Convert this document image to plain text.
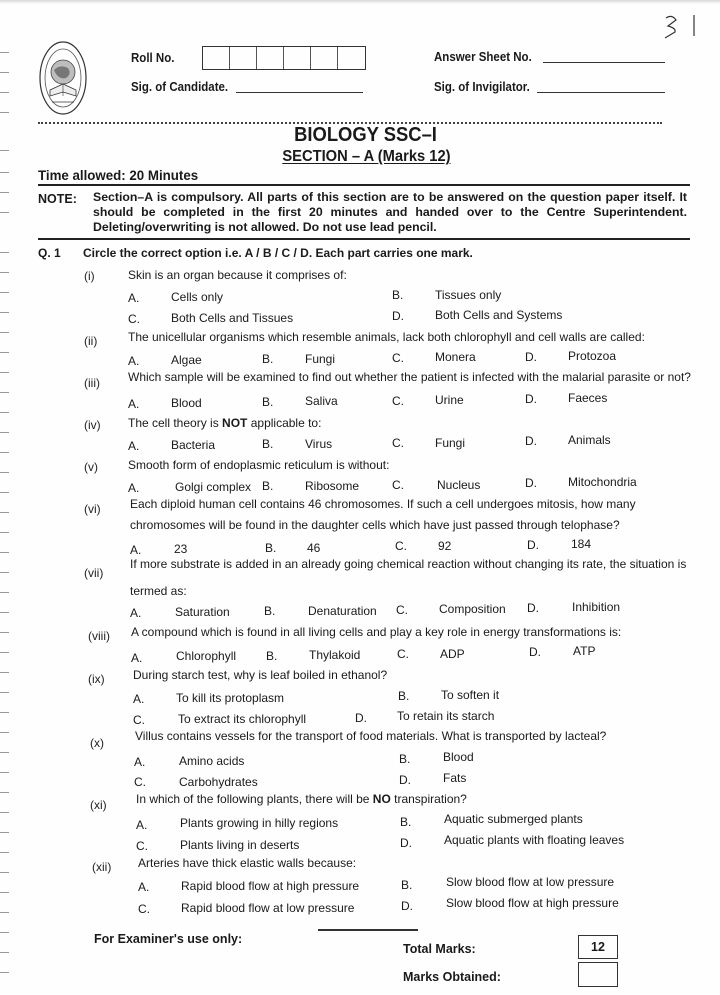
Roll No.
Sig. of Candidate.
Answer Sheet No.
Sig. of Invigilator.
BIOLOGY SSC–I
SECTION – A (Marks 12)
Time allowed: 20 Minutes
NOTE: Section–A is compulsory. All parts of this section are to be answered on the question paper itself. It should be completed in the first 20 minutes and handed over to the Centre Superintendent. Deleting/overwriting is not allowed. Do not use lead pencil.
Q. 1 Circle the correct option i.e. A / B / C / D. Each part carries one mark.
(i)	Skin is an organ because it comprises of:
A.	Cells only	B.	Tissues only
C.	Both Cells and Tissues	D.	Both Cells and Systems
(ii)	The unicellular organisms which resemble animals, lack both chlorophyll and cell walls are called:
A.	Algae	B.	Fungi	C.	Monera	D.	Protozoa
(iii) Which sample will be examined to find out whether the patient is infected with the malarial parasite or not?
A.	Blood	B.	Saliva	C.	Urine	D.	Faeces
(iv) The cell theory is NOT applicable to:
A.	Bacteria	B.	Virus	C.	Fungi	D.	Animals
(v)	Smooth form of endoplasmic reticulum is without:
A.	Golgi complex B.	Ribosome	C.	Nucleus	D.	Mitochondria
(vi) Each diploid human cell contains 46 chromosomes. If such a cell undergoes mitosis, how many
chromosomes will be found in the daughter cells which have just passed through telophase?
A.	23	B.	46	C.	92	D.	184
(vii)
If more substrate is added in an already going chemical reaction without changing its rate, the situation is
termed as:
A.	Saturation	B.	Denaturation C.	Composition D.	Inhibition
(viii) A compound which is found in all living cells and play a key role in energy transformations is:
A.	Chlorophyll B.	Thylakoid	C.	ADP	D.	ATP
(ix) During starch test, why is leaf boiled in ethanol?
A.	To kill its protoplasm	B.	To soften it
C.	To extract its chlorophyll	D.	To retain its starch
(x)	Villus contains vessels for the transport of food materials. What is transported by lacteal?
A.	Amino acids	B.	Blood
C.	Carbohydrates	D.	Fats
(xi) In which of the following plants, there will be NO transpiration?
A.	Plants growing in hilly regions	B.	Aquatic submerged plants
C.	Plants living in deserts	D.	Aquatic plants with floating leaves
(xii) Arteries have thick elastic walls because:
A.	Rapid blood flow at high pressure	B.	Slow blood flow at low pressure
C.	Rapid blood flow at low pressure	D.	Slow blood flow at high pressure
For Examiner's use only:
Total Marks:	12
Marks Obtained:
